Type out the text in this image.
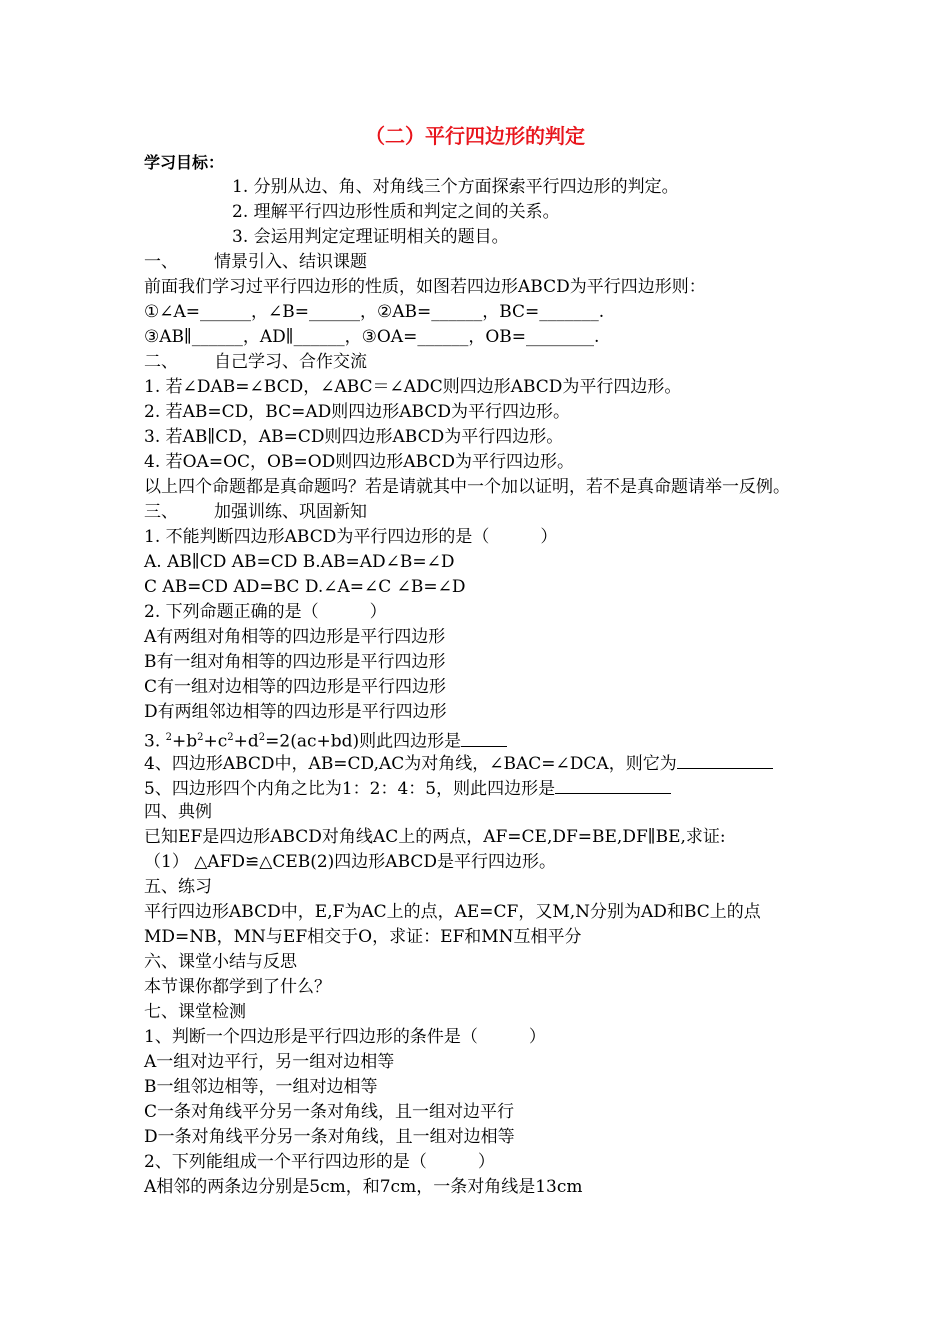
（二）平行四边形的判定
学习目标：
1. 分别从边、角、对角线三个方面探索平行四边形的判定。
2. 理解平行四边形性质和判定之间的关系。
3. 会运用判定定理证明相关的题目。
一、 情景引入、结识课题
前面我们学习过平行四边形的性质，如图若四边形ABCD为平行四边形则：
①∠A=______，∠B=______，②AB=______，BC=_______.
③AB∥______，AD∥______，③OA=______，OB=________.
二、 自己学习、合作交流
1. 若∠DAB=∠BCD，∠ABC＝∠ADC则四边形ABCD为平行四边形。
2. 若AB=CD，BC=AD则四边形ABCD为平行四边形。
3. 若AB∥CD，AB=CD则四边形ABCD为平行四边形。
4. 若OA=OC，OB=OD则四边形ABCD为平行四边形。
以上四个命题都是真命题吗？若是请就其中一个加以证明，若不是真命题请举一反例。
三、 加强训练、巩固新知
1. 不能判断四边形ABCD为平行四边形的是（　　　）
A. AB∥CD AB=CD B.AB=AD∠B=∠D
C AB=CD AD=BC D.∠A=∠C ∠B=∠D
2. 下列命题正确的是（　　　）
A有两组对角相等的四边形是平行四边形
B有一组对角相等的四边形是平行四边形
C有一组对边相等的四边形是平行四边形
D有两组邻边相等的四边形是平行四边形
3. $^2+b^2+c^2+d^2=2(ac+bd)$则此四边形是
4、四边形ABCD中，AB=CD,AC为对角线，∠BAC=∠DCA，则它为
5、四边形四个内角之比为1：2：4：5，则此四边形是
四、典例
已知EF是四边形ABCD对角线AC上的两点，AF=CE,DF=BE,DF∥BE,求证:
（1） △AFD≌△CEB(2)四边形ABCD是平行四边形。
五、练习
平行四边形ABCD中，E,F为AC上的点，AE=CF，又M,N分别为AD和BC上的点MD=NB，MN与EF相交于O，求证：EF和MN互相平分
六、课堂小结与反思
本节课你都学到了什么？
七、课堂检测
1、判断一个四边形是平行四边形的条件是（　　　）
A一组对边平行，另一组对边相等
B一组邻边相等，一组对边相等
C一条对角线平分另一条对角线，且一组对边平行
D一条对角线平分另一条对角线，且一组对边相等
2、下列能组成一个平行四边形的是（　　　）
A相邻的两条边分别是5cm，和7cm，一条对角线是13cm
